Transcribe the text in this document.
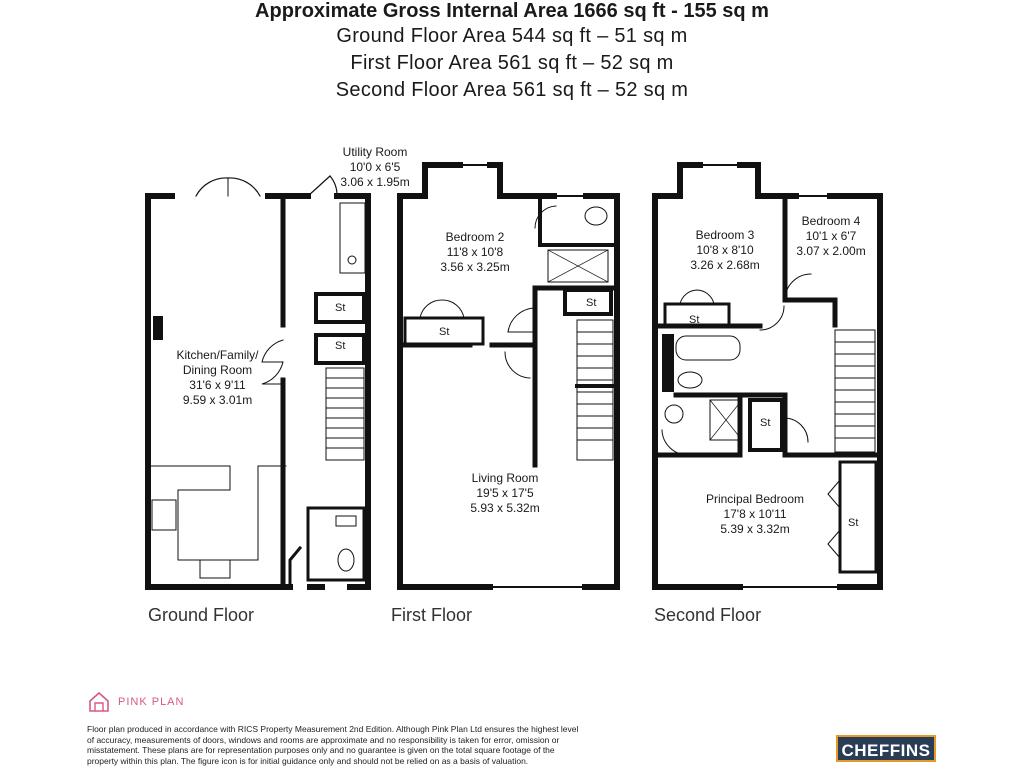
Approximate Gross Internal Area 1666 sq ft - 155 sq m
Ground Floor Area 544 sq ft – 51 sq m
First Floor Area 561 sq ft – 52 sq m
Second Floor Area 561 sq ft – 52 sq m
Utility Room
10'0 x 6'5
3.06 x 1.95m
Kitchen/Family/
Dining Room
31'6 x 9'11
9.59 x 3.01m
Bedroom 2
11'8 x 10'8
3.56 x 3.25m
Living Room
19'5 x 17'5
5.93 x 5.32m
Bedroom 3
10'8 x 8'10
3.26 x 2.68m
Bedroom 4
10'1 x 6'7
3.07 x 2.00m
Principal Bedroom
17'8 x 10'11
5.39 x 3.32m
St
St
St
St
St
St
St
Ground Floor	First Floor	Second Floor
PINK PLAN
Floor plan produced in accordance with RICS Property Measurement 2nd Edition. Although Pink Plan Ltd ensures the highest level of accuracy, measurements of doors, windows and rooms are approximate and no responsibility is taken for error, omission or misstatement. These plans are for representation purposes only and no guarantee is given on the total square footage of the property within this plan. The figure icon is for initial guidance only and should not be relied on as a basis of valuation.
CHEFFINS
